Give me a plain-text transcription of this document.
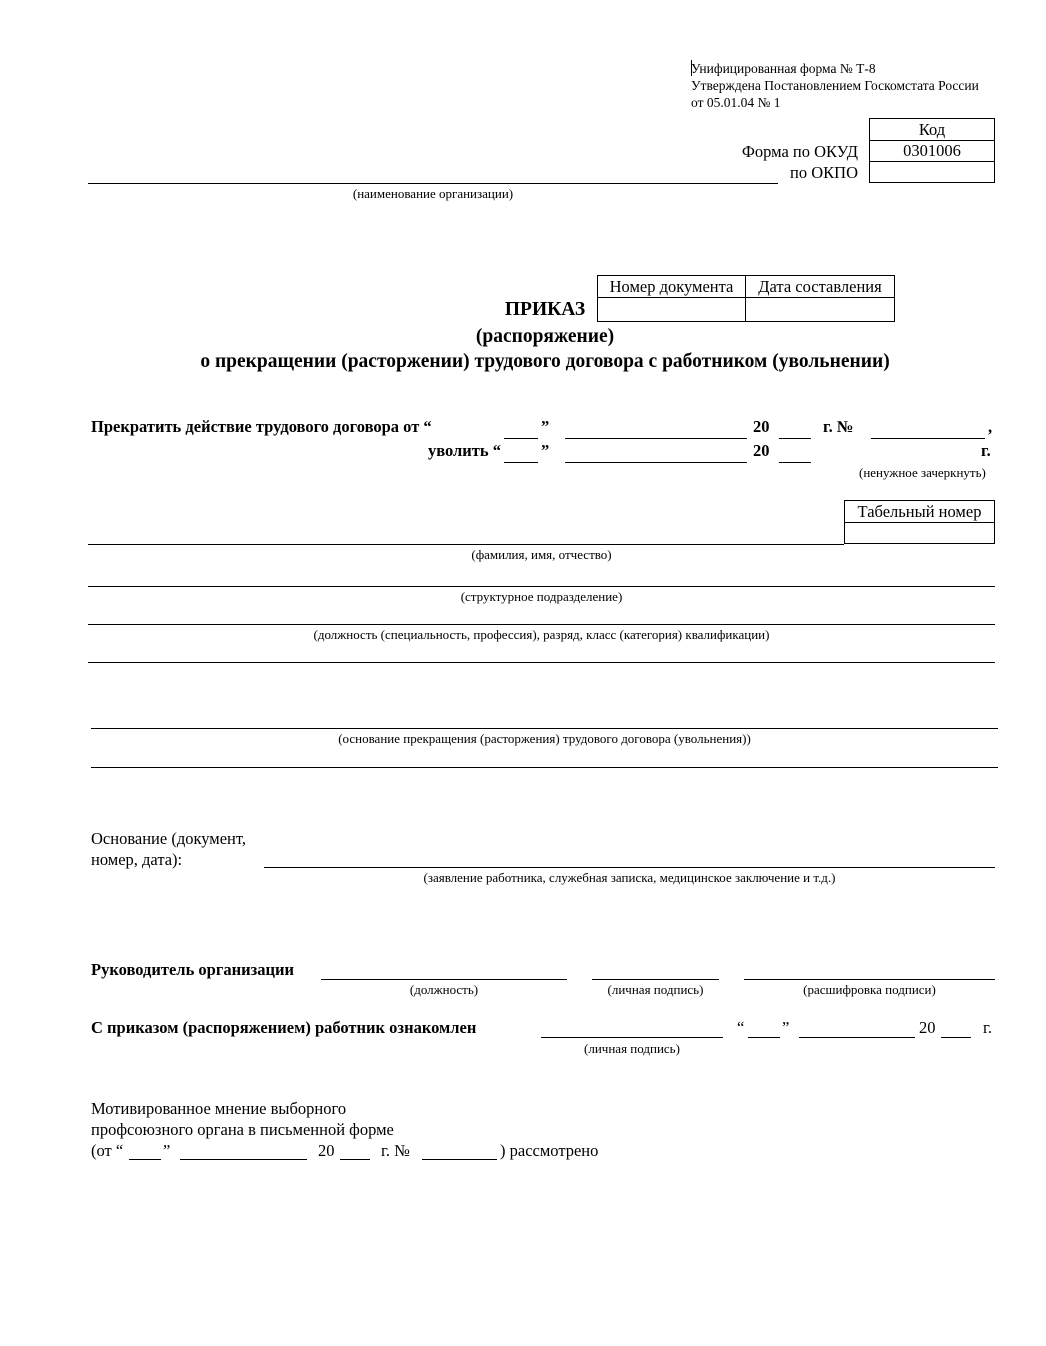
Унифицированная форма № Т-8
Утверждена Постановлением Госкомстата России
от 05.01.04 № 1
Код
0301006

Форма по ОКУД
по ОКПО
(наименование организации)
Номер документа	Дата составления

ПРИКАЗ
(распоряжение)
о прекращении (расторжении) трудового договора с работником (увольнении)
Прекратить действие трудового договора от “	”	20	г. №	,
уволить “ ”	20	г.
(ненужное зачеркнуть)
Табельный номер

(фамилия, имя, отчество)
(структурное подразделение)
(должность (специальность, профессия), разряд, класс (категория) квалификации)
(основание прекращения (расторжения) трудового договора (увольнения))
Основание (документ,
номер, дата):
(заявление работника, служебная записка, медицинское заключение и т.д.)
Руководитель организации
(должность)	(личная подпись)	(расшифровка подписи)
С приказом (распоряжением) работник ознакомлен
(личная подпись)
“ ”	20	г.
Мотивированное мнение выборного
профсоюзного органа в письменной форме
(от “ ”	20	г. №	) рассмотрено
